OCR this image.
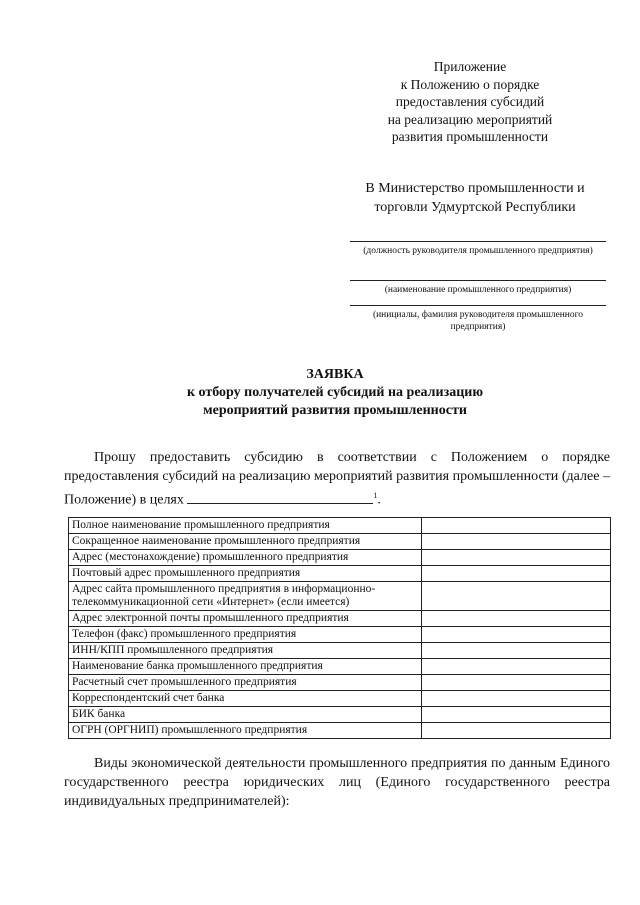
Приложение
к Положению о порядке
предоставления субсидий
на реализацию мероприятий
развития промышленности
В Министерство промышленности и
торговли Удмуртской Республики
(должность руководителя промышленного предприятия)
(наименование промышленного предприятия)
(инициалы, фамилия руководителя промышленного предприятия)
ЗАЯВКА
к отбору получателей субсидий на реализацию
мероприятий развития промышленности
Прошу предоставить субсидию в соответствии с Положением о порядке предоставления субсидий на реализацию мероприятий развития промышленности (далее – Положение) в целях	$^1$.
Полное наименование промышленного предприятия	
Сокращенное наименование промышленного предприятия	
Адрес (местонахождение) промышленного предприятия	
Почтовый адрес промышленного предприятия	
Адрес сайта промышленного предприятия в информационно-телекоммуникационной сети «Интернет» (если имеется)	
Адрес электронной почты промышленного предприятия	
Телефон (факс) промышленного предприятия	
ИНН/КПП промышленного предприятия	
Наименование банка промышленного предприятия	
Расчетный счет промышленного предприятия	
Корреспондентский счет банка	
БИК банка	
ОГРН (ОРГНИП) промышленного предприятия	
Виды экономической деятельности промышленного предприятия по данным Единого государственного реестра юридических лиц (Единого государственного реестра индивидуальных предпринимателей):
